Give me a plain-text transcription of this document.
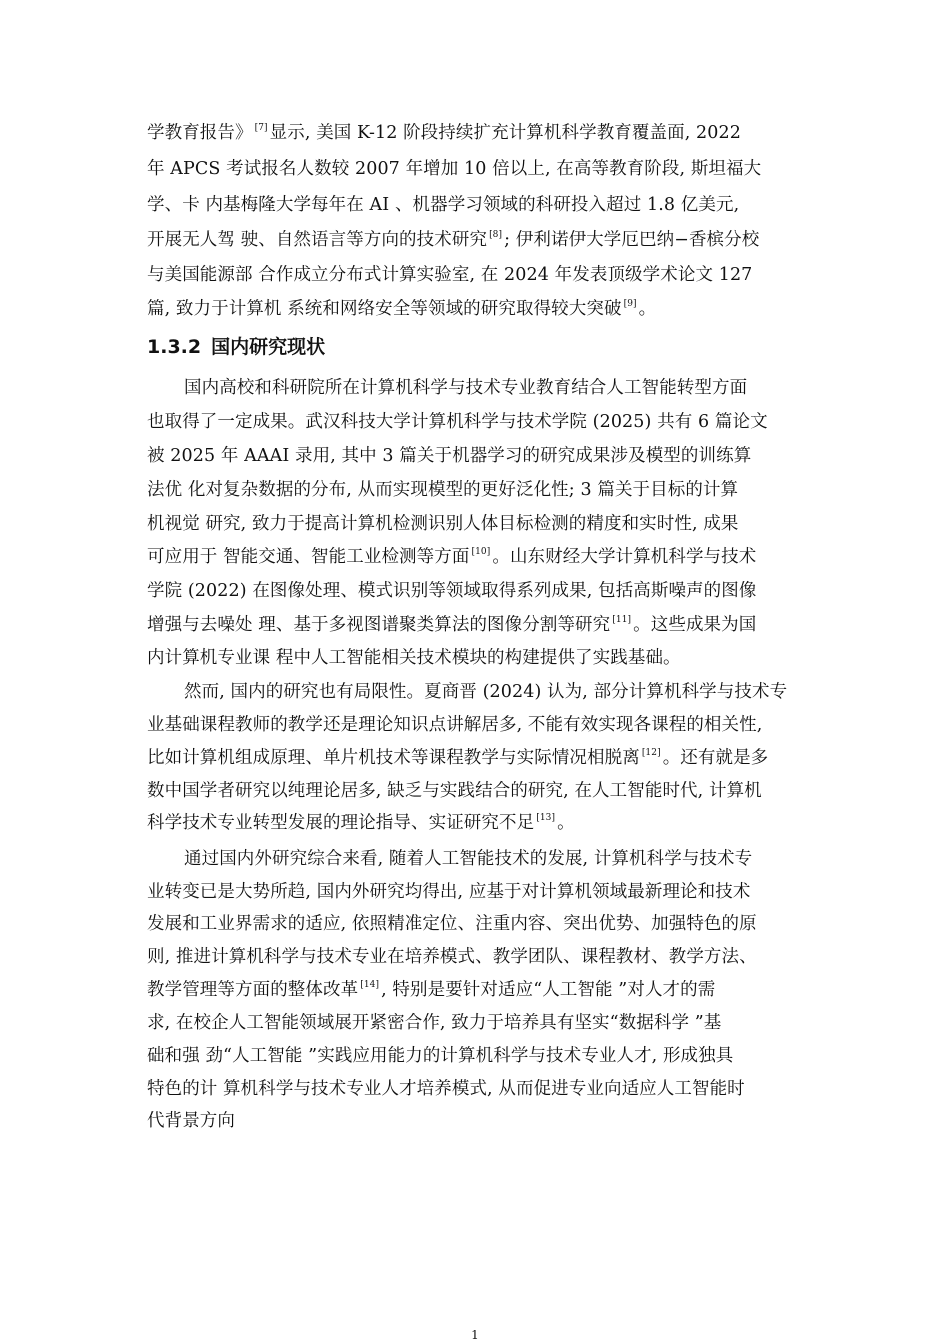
学教育报告》 [7] 显示, 美国 K-12 阶段持续扩充计算机科学教育覆盖面, 2022
年 APCS 考试报名人数较 2007 年增加 10 倍以上, 在高等教育阶段, 斯坦福大
学、卡 内基梅隆大学每年在 AI 、机器学习领域的科研投入超过 1.8 亿美元,
开展无人驾 驶、自然语言等方向的技术研究 [8] ; 伊利诺伊大学厄巴纳−香槟分校
与美国能源部 合作成立分布式计算实验室, 在 2024 年发表顶级学术论文 127
篇, 致力于计算机 系统和网络安全等领域的研究取得较大突破 [9] 。
1.3.2 国内研究现状
国内高校和科研院所在计算机科学与技术专业教育结合人工智能转型方面
也取得了一定成果。武汉科技大学计算机科学与技术学院 (2025) 共有 6 篇论文
被 2025 年 AAAI 录用, 其中 3 篇关于机器学习的研究成果涉及模型的训练算
法优 化对复杂数据的分布, 从而实现模型的更好泛化性; 3 篇关于目标的计算
机视觉 研究, 致力于提高计算机检测识别人体目标检测的精度和实时性, 成果
可应用于 智能交通、智能工业检测等方面 [10] 。山东财经大学计算机科学与技术
学院 (2022) 在图像处理、模式识别等领域取得系列成果, 包括高斯噪声的图像
增强与去噪处 理、基于多视图谱聚类算法的图像分割等研究 [11] 。这些成果为国
内计算机专业课 程中人工智能相关技术模块的构建提供了实践基础。
然而, 国内的研究也有局限性。夏商晋 (2024) 认为, 部分计算机科学与技术专
业基础课程教师的教学还是理论知识点讲解居多, 不能有效实现各课程的相关性,
比如计算机组成原理、单片机技术等课程教学与实际情况相脱离 [12] 。还有就是多
数中国学者研究以纯理论居多, 缺乏与实践结合的研究, 在人工智能时代, 计算机
科学技术专业转型发展的理论指导、实证研究不足 [13] 。
通过国内外研究综合来看, 随着人工智能技术的发展, 计算机科学与技术专
业转变已是大势所趋, 国内外研究均得出, 应基于对计算机领域最新理论和技术
发展和工业界需求的适应, 依照精准定位、注重内容、突出优势、加强特色的原
则, 推进计算机科学与技术专业在培养模式、教学团队、课程教材、教学方法、
教学管理等方面的整体改革 [14] , 特别是要针对适应“人工智能 ”对人才的需
求, 在校企人工智能领域展开紧密合作, 致力于培养具有坚实“数据科学 ”基
础和强 劲“人工智能 ”实践应用能力的计算机科学与技术专业人才, 形成独具
特色的计 算机科学与技术专业人才培养模式, 从而促进专业向适应人工智能时
代背景方向
1
